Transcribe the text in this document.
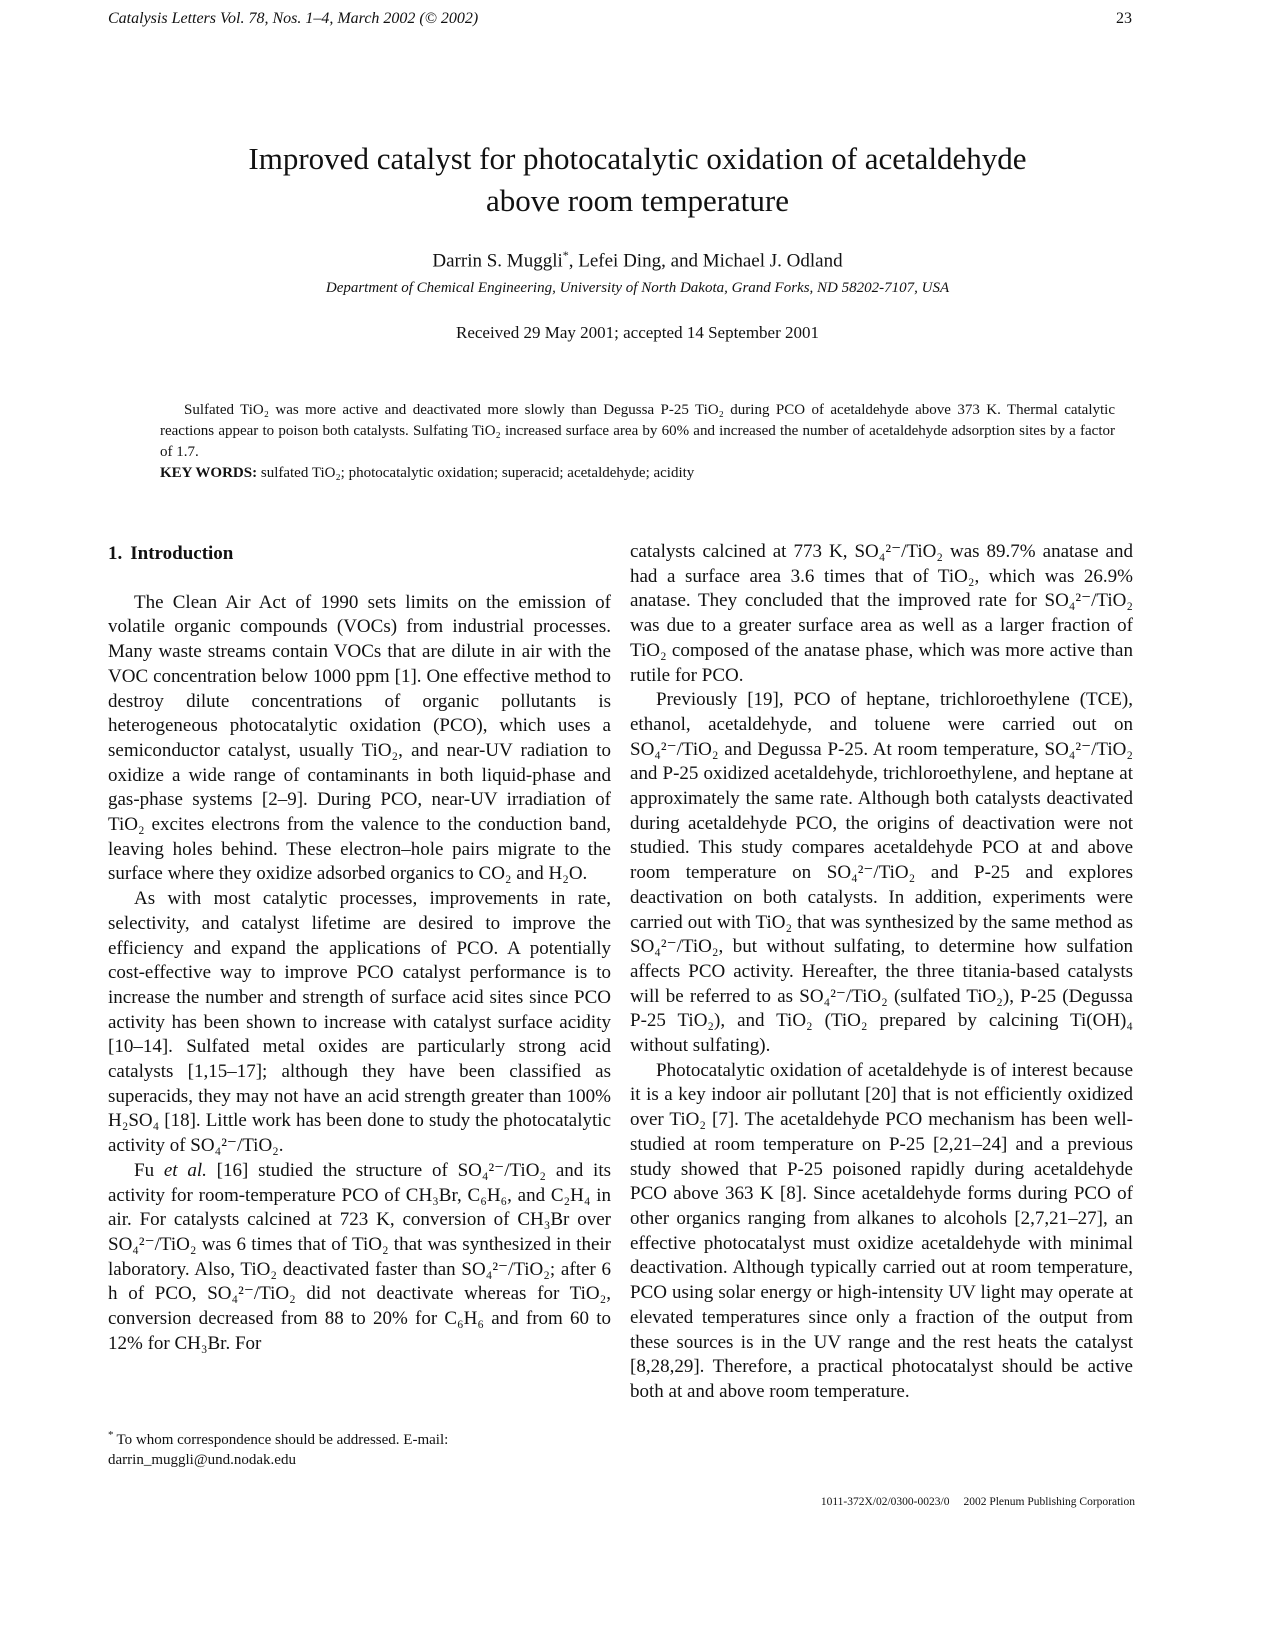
Catalysis Letters Vol. 78, Nos. 1–4, March 2002 (© 2002)	23
Improved catalyst for photocatalytic oxidation of acetaldehyde
above room temperature
Darrin S. Muggli*, Lefei Ding, and Michael J. Odland
Department of Chemical Engineering, University of North Dakota, Grand Forks, ND 58202-7107, USA
Received 29 May 2001; accepted 14 September 2001

Sulfated TiO₂ was more active and deactivated more slowly than Degussa P-25 TiO₂ during PCO of acetaldehyde above 373 K. Thermal catalytic reactions appear to poison both catalysts. Sulfating TiO₂ increased surface area by 60% and increased the number of acetaldehyde adsorption sites by a factor of 1.7.

KEY WORDS: sulfated TiO₂; photocatalytic oxidation; superacid; acetaldehyde; acidity

1. Introduction

The Clean Air Act of 1990 sets limits on the emission of volatile organic compounds (VOCs) from industrial processes. Many waste streams contain VOCs that are dilute in air with the VOC concentration below 1000 ppm [1]. One effective method to destroy dilute concentrations of organic pollutants is heterogeneous photocatalytic oxidation (PCO), which uses a semiconductor catalyst, usually TiO₂, and near-UV radiation to oxidize a wide range of contaminants in both liquid-phase and gas-phase systems [2–9]. During PCO, near-UV irradiation of TiO₂ excites electrons from the valence to the conduction band, leaving holes behind. These electron–hole pairs migrate to the surface where they oxidize adsorbed organics to CO₂ and H₂O.

As with most catalytic processes, improvements in rate, selectivity, and catalyst lifetime are desired to improve the efficiency and expand the applications of PCO. A potentially cost-effective way to improve PCO catalyst performance is to increase the number and strength of surface acid sites since PCO activity has been shown to increase with catalyst surface acidity [10–14]. Sulfated metal oxides are particularly strong acid catalysts [1,15–17]; although they have been classified as superacids, they may not have an acid strength greater than 100% H₂SO₄ [18]. Little work has been done to study the photocatalytic activity of SO₄²⁻/TiO₂.

Fu et al. [16] studied the structure of SO₄²⁻/TiO₂ and its activity for room-temperature PCO of CH₃Br, C₆H₆, and C₂H₄ in air. For catalysts calcined at 723 K, conversion of CH₃Br over SO₄²⁻/TiO₂ was 6 times that of TiO₂ that was synthesized in their laboratory. Also, TiO₂ deactivated faster than SO₄²⁻/TiO₂; after 6 h of PCO, SO₄²⁻/TiO₂ did not deactivate whereas for TiO₂, conversion decreased from 88 to 20% for C₆H₆ and from 60 to 12% for CH₃Br. For

catalysts calcined at 773 K, SO₄²⁻/TiO₂ was 89.7% anatase and had a surface area 3.6 times that of TiO₂, which was 26.9% anatase. They concluded that the improved rate for SO₄²⁻/TiO₂ was due to a greater surface area as well as a larger fraction of TiO₂ composed of the anatase phase, which was more active than rutile for PCO.

Previously [19], PCO of heptane, trichloroethylene (TCE), ethanol, acetaldehyde, and toluene were carried out on SO₄²⁻/TiO₂ and Degussa P-25. At room temperature, SO₄²⁻/TiO₂ and P-25 oxidized acetaldehyde, trichloroethylene, and heptane at approximately the same rate. Although both catalysts deactivated during acetaldehyde PCO, the origins of deactivation were not studied. This study compares acetaldehyde PCO at and above room temperature on SO₄²⁻/TiO₂ and P-25 and explores deactivation on both catalysts. In addition, experiments were carried out with TiO₂ that was synthesized by the same method as SO₄²⁻/TiO₂, but without sulfating, to determine how sulfation affects PCO activity. Hereafter, the three titania-based catalysts will be referred to as SO₄²⁻/TiO₂ (sulfated TiO₂), P-25 (Degussa P-25 TiO₂), and TiO₂ (TiO₂ prepared by calcining Ti(OH)₄ without sulfating).

Photocatalytic oxidation of acetaldehyde is of interest because it is a key indoor air pollutant [20] that is not efficiently oxidized over TiO₂ [7]. The acetaldehyde PCO mechanism has been well-studied at room temperature on P-25 [2,21–24] and a previous study showed that P-25 poisoned rapidly during acetaldehyde PCO above 363 K [8]. Since acetaldehyde forms during PCO of other organics ranging from alkanes to alcohols [2,7,21–27], an effective photocatalyst must oxidize acetaldehyde with minimal deactivation. Although typically carried out at room temperature, PCO using solar energy or high-intensity UV light may operate at elevated temperatures since only a fraction of the output from these sources is in the UV range and the rest heats the catalyst [8,28,29]. Therefore, a practical photocatalyst should be active both at and above room temperature.

* To whom correspondence should be addressed. E-mail: darrin_muggli@und.nodak.edu
1011-372X/02/0300-0023/0 2002 Plenum Publishing Corporation
